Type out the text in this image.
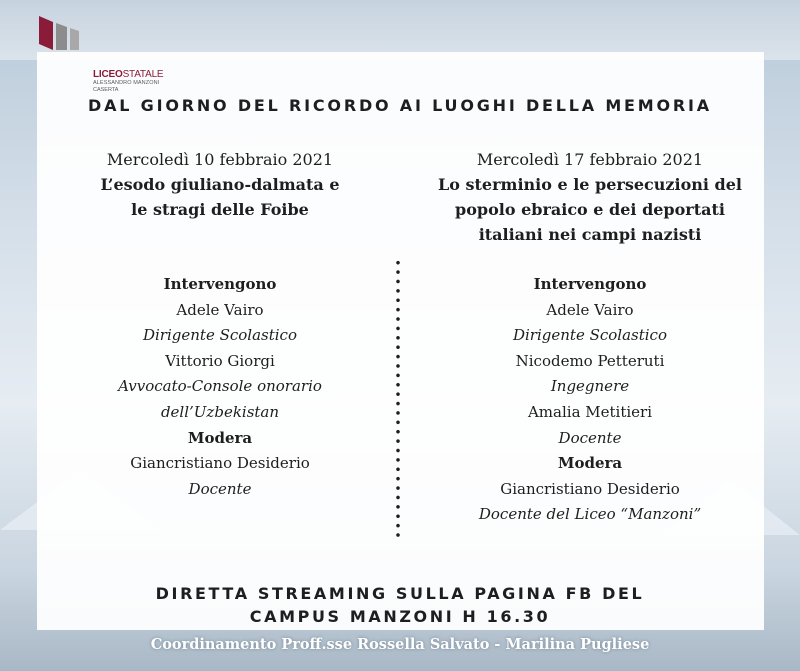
LICEOSTATALE
ALESSANDRO MANZONI
CASERTA
DAL GIORNO DEL RICORDO AI LUOGHI DELLA MEMORIA
Mercoledì 10 febbraio 2021
L’esodo giuliano-dalmata e
le stragi delle Foibe
Mercoledì 17 febbraio 2021
Lo sterminio e le persecuzioni del
popolo ebraico e dei deportati
italiani nei campi nazisti
Intervengono
Adele Vairo
Dirigente Scolastico
Vittorio Giorgi
Avvocato-Console onorario
dell’Uzbekistan
Modera
Giancristiano Desiderio
Docente
Intervengono
Adele Vairo
Dirigente Scolastico
Nicodemo Petteruti
Ingegnere
Amalia Metitieri
Docente
Modera
Giancristiano Desiderio
Docente del Liceo “Manzoni”
DIRETTA STREAMING SULLA PAGINA FB DEL
CAMPUS MANZONI H 16.30
Coordinamento Proff.sse Rossella Salvato - Marilina Pugliese
